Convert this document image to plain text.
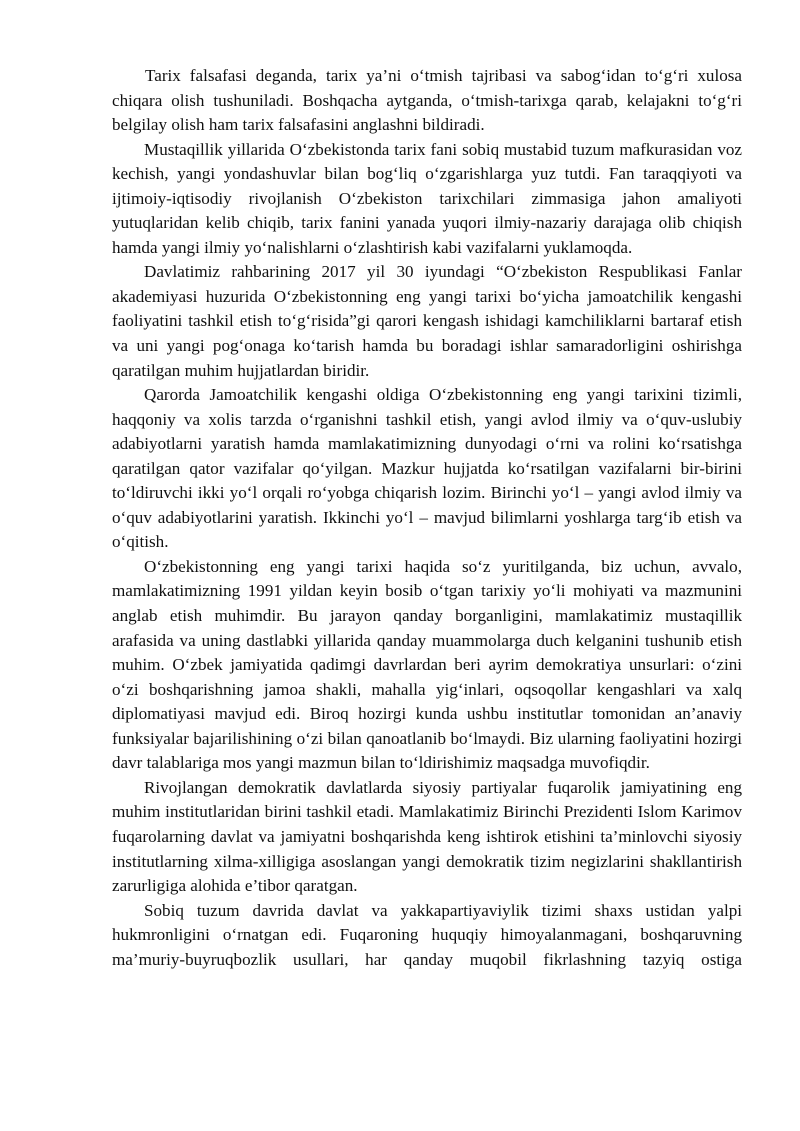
Tarix falsafasi deganda, tarix ya’ni o‘tmish tajribasi va sabog‘idan to‘g‘ri xulosa chiqara olish tushuniladi. Boshqacha aytganda, o‘tmish-tarixga qarab, kelajakni to‘g‘ri belgilay olish ham tarix falsafasini anglashni bildiradi.

Mustaqillik yillarida O‘zbekistonda tarix fani sobiq mustabid tuzum mafkurasidan voz kechish, yangi yondashuvlar bilan bog‘liq o‘zgarishlarga yuz tutdi. Fan taraqqiyoti va ijtimoiy-iqtisodiy rivojlanish O‘zbekiston tarixchilari zimmasiga jahon amaliyoti yutuqlaridan kelib chiqib, tarix fanini yanada yuqori ilmiy-nazariy darajaga olib chiqish hamda yangi ilmiy yo‘nalishlarni o‘zlashtirish kabi vazifalarni yuklamoqda.

Davlatimiz rahbarining 2017 yil 30 iyundagi “O‘zbekiston Respublikasi Fanlar akademiyasi huzurida O‘zbekistonning eng yangi tarixi bo‘yicha jamoatchilik kengashi faoliyatini tashkil etish to‘g‘risida”gi qarori kengash ishidagi kamchiliklarni bartaraf etish va uni yangi pog‘onaga ko‘tarish hamda bu boradagi ishlar samaradorligini oshirishga qaratilgan muhim hujjatlardan biridir.

Qarorda Jamoatchilik kengashi oldiga O‘zbekistonning eng yangi tarixini tizimli, haqqoniy va xolis tarzda o‘rganishni tashkil etish, yangi avlod ilmiy va o‘quv-uslubiy adabiyotlarni yaratish hamda mamlakatimizning dunyodagi o‘rni va rolini ko‘rsatishga qaratilgan qator vazifalar qo‘yilgan. Mazkur hujjatda ko‘rsatilgan vazifalarni bir-birini to‘ldiruvchi ikki yo‘l orqali ro‘yobga chiqarish lozim. Birinchi yo‘l – yangi avlod ilmiy va o‘quv adabiyotlarini yaratish. Ikkinchi yo‘l – mavjud bilimlarni yoshlarga targ‘ib etish va o‘qitish.

O‘zbekistonning eng yangi tarixi haqida so‘z yuritilganda, biz uchun, avvalo, mamlakatimizning 1991 yildan keyin bosib o‘tgan tarixiy yo‘li mohiyati va mazmunini anglab etish muhimdir. Bu jarayon qanday borganligini, mamlakatimiz mustaqillik arafasida va uning dastlabki yillarida qanday muammolarga duch kelganini tushunib etish muhim. O‘zbek jamiyatida qadimgi davrlardan beri ayrim demokratiya unsurlari: o‘zini o‘zi boshqarishning jamoa shakli, mahalla yig‘inlari, oqsoqollar kengashlari va xalq diplomatiyasi mavjud edi. Biroq hozirgi kunda ushbu institutlar tomonidan an’anaviy funksiyalar bajarilishining o‘zi bilan qanoatlanib bo‘lmaydi. Biz ularning faoliyatini hozirgi davr talablariga mos yangi mazmun bilan to‘ldirishimiz maqsadga muvofiqdir.

Rivojlangan demokratik davlatlarda siyosiy partiyalar fuqarolik jamiyatining eng muhim institutlaridan birini tashkil etadi. Mamlakatimiz Birinchi Prezidenti Islom Karimov fuqarolarning davlat va jamiyatni boshqarishda keng ishtirok etishini ta’minlovchi siyosiy institutlarning xilma-xilligiga asoslangan yangi demokratik tizim negizlarini shakllantirish zarurligiga alohida e’tibor qaratgan.

Sobiq tuzum davrida davlat va yakkapartiyaviylik tizimi shaxs ustidan yalpi hukmronligini o‘rnatgan edi. Fuqaroning huquqiy himoyalanmagani, boshqaruvning ma’muriy-buyruqbozlik usullari, har qanday muqobil fikrlashning tazyiq ostiga
